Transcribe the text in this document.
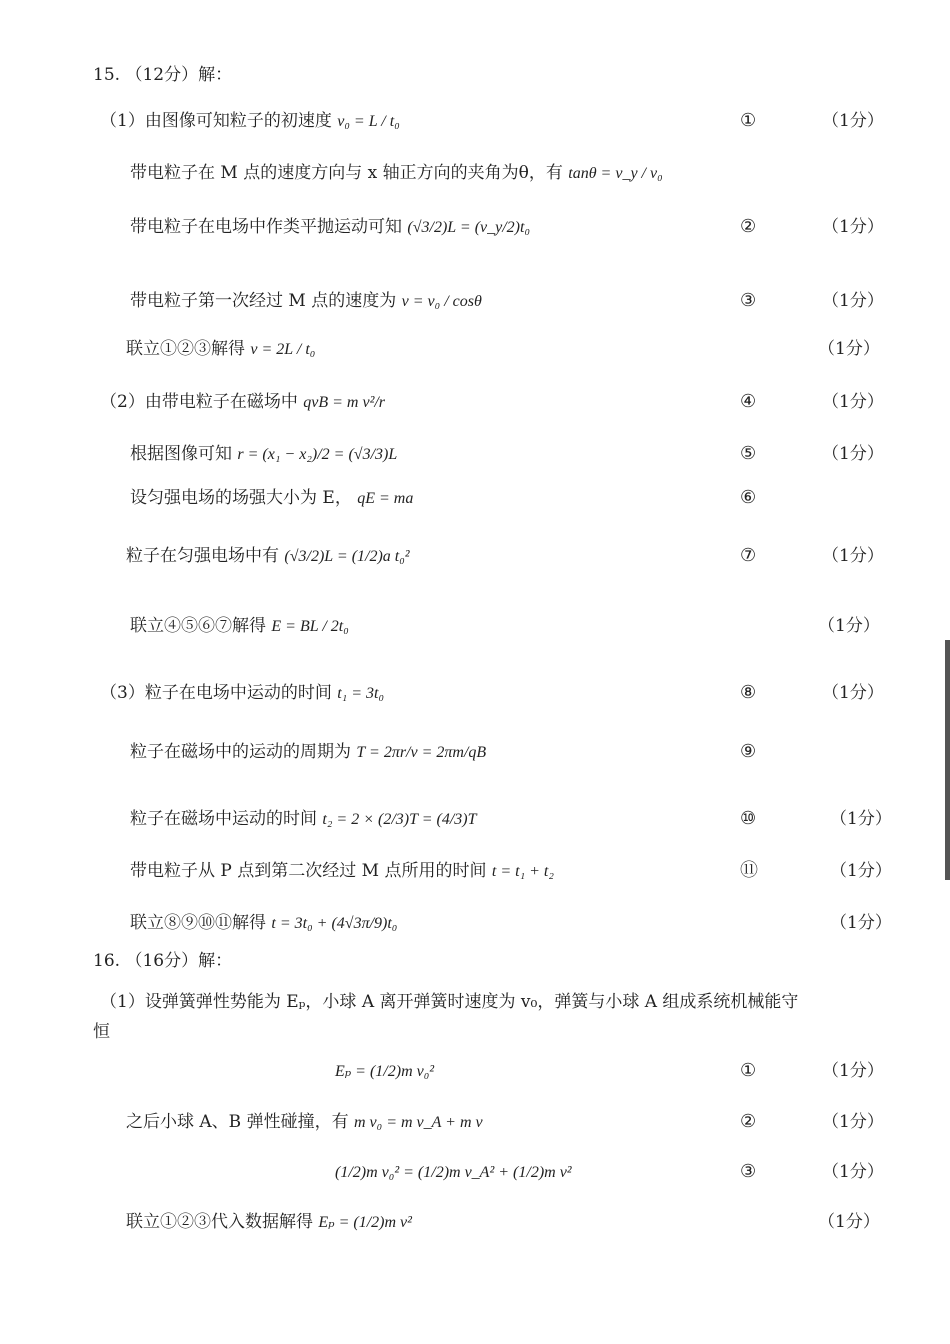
15. （12分）解：
（1）由图像可知粒子的初速度 v₀ = L / t₀	①	（1分）
带电粒子在 M 点的速度方向与 x 轴正方向的夹角为θ，有 tanθ = v_y / v₀
带电粒子在电场中作类平抛运动可知 (√3/2)L = (v_y/2)t₀	②	（1分）
带电粒子第一次经过 M 点的速度为 v = v₀ / cosθ	③	（1分）
联立①②③解得 v = 2L / t₀	（1分）
（2）由带电粒子在磁场中 qvB = m v²/r	④	（1分）
根据图像可知 r = (x₁ − x₂)/2 = (√3/3)L	⑤	（1分）
设匀强电场的场强大小为 E， qE = ma	⑥
粒子在匀强电场中有 (√3/2)L = (1/2)a t₀²	⑦	（1分）
联立④⑤⑥⑦解得 E = BL / 2t₀	（1分）
（3）粒子在电场中运动的时间 t₁ = 3t₀	⑧	（1分）
粒子在磁场中的运动的周期为 T = 2πr/v = 2πm/qB	⑨
粒子在磁场中运动的时间 t₂ = 2 × (2/3)T = (4/3)T	⑩	（1分）
带电粒子从 P 点到第二次经过 M 点所用的时间 t = t₁ + t₂	⑪	（1分）
联立⑧⑨⑩⑪解得 t = 3t₀ + (4√3π/9)t₀	（1分）
16. （16分）解：
（1）设弹簧弹性势能为 Eₚ，小球 A 离开弹簧时速度为 v₀，弹簧与小球 A 组成系统机械能守
恒
Eₚ = (1/2)m v₀²	①	（1分）
之后小球 A、B 弹性碰撞，有 m v₀ = m v_A + m v	②	（1分）
(1/2)m v₀² = (1/2)m v_A² + (1/2)m v²	③	（1分）
联立①②③代入数据解得 Eₚ = (1/2)m v²	（1分）
